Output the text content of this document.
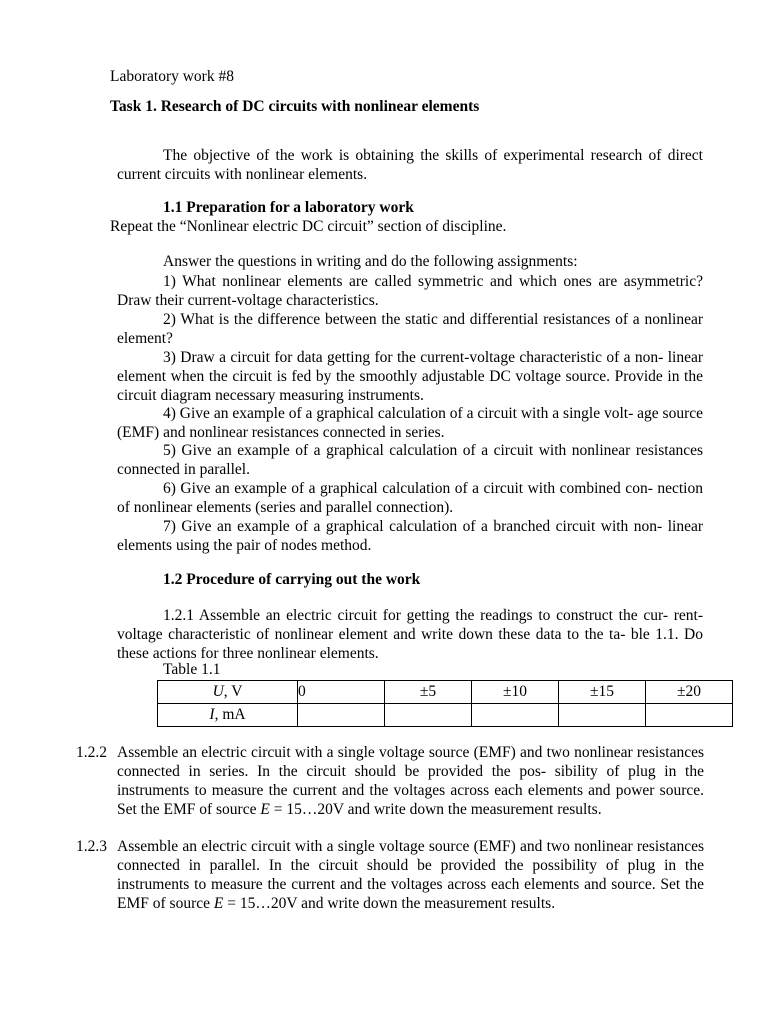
Laboratory work #8
Task 1. Research of DC circuits with nonlinear elements
The objective of the work is obtaining the skills of experimental research of direct current circuits with nonlinear elements.
1.1 Preparation for a laboratory work
Repeat the “Nonlinear electric DC circuit” section of discipline.
Answer the questions in writing and do the following assignments:
1) What nonlinear elements are called symmetric and which ones are asymmetric? Draw their current-voltage characteristics.
2) What is the difference between the static and differential resistances of a nonlinear element?
3) Draw a circuit for data getting for the current-voltage characteristic of a non- linear element when the circuit is fed by the smoothly adjustable DC voltage source. Provide in the circuit diagram necessary measuring instruments.
4) Give an example of a graphical calculation of a circuit with a single volt- age source (EMF) and nonlinear resistances connected in series.
5) Give an example of a graphical calculation of a circuit with nonlinear resistances connected in parallel.
6) Give an example of a graphical calculation of a circuit with combined con- nection of nonlinear elements (series and parallel connection).
7) Give an example of a graphical calculation of a branched circuit with non- linear elements using the pair of nodes method.
1.2 Procedure of carrying out the work
1.2.1 Assemble an electric circuit for getting the readings to construct the cur- rent-voltage characteristic of nonlinear element and write down these data to the ta- ble 1.1. Do these actions for three nonlinear elements.
Table 1.1
U, V	0	±5	±10	±15	±20
I, mA					
1.2.2 Assemble an electric circuit with a single voltage source (EMF) and two nonlinear resistances connected in series. In the circuit should be provided the pos- sibility of plug in the instruments to measure the current and the voltages across each elements and power source. Set the EMF of source E = 15…20V and write down the measurement results.
1.2.3 Assemble an electric circuit with a single voltage source (EMF) and two nonlinear resistances connected in parallel. In the circuit should be provided the possibility of plug in the instruments to measure the current and the voltages across each elements and source. Set the EMF of source E = 15…20V and write down the measurement results.
